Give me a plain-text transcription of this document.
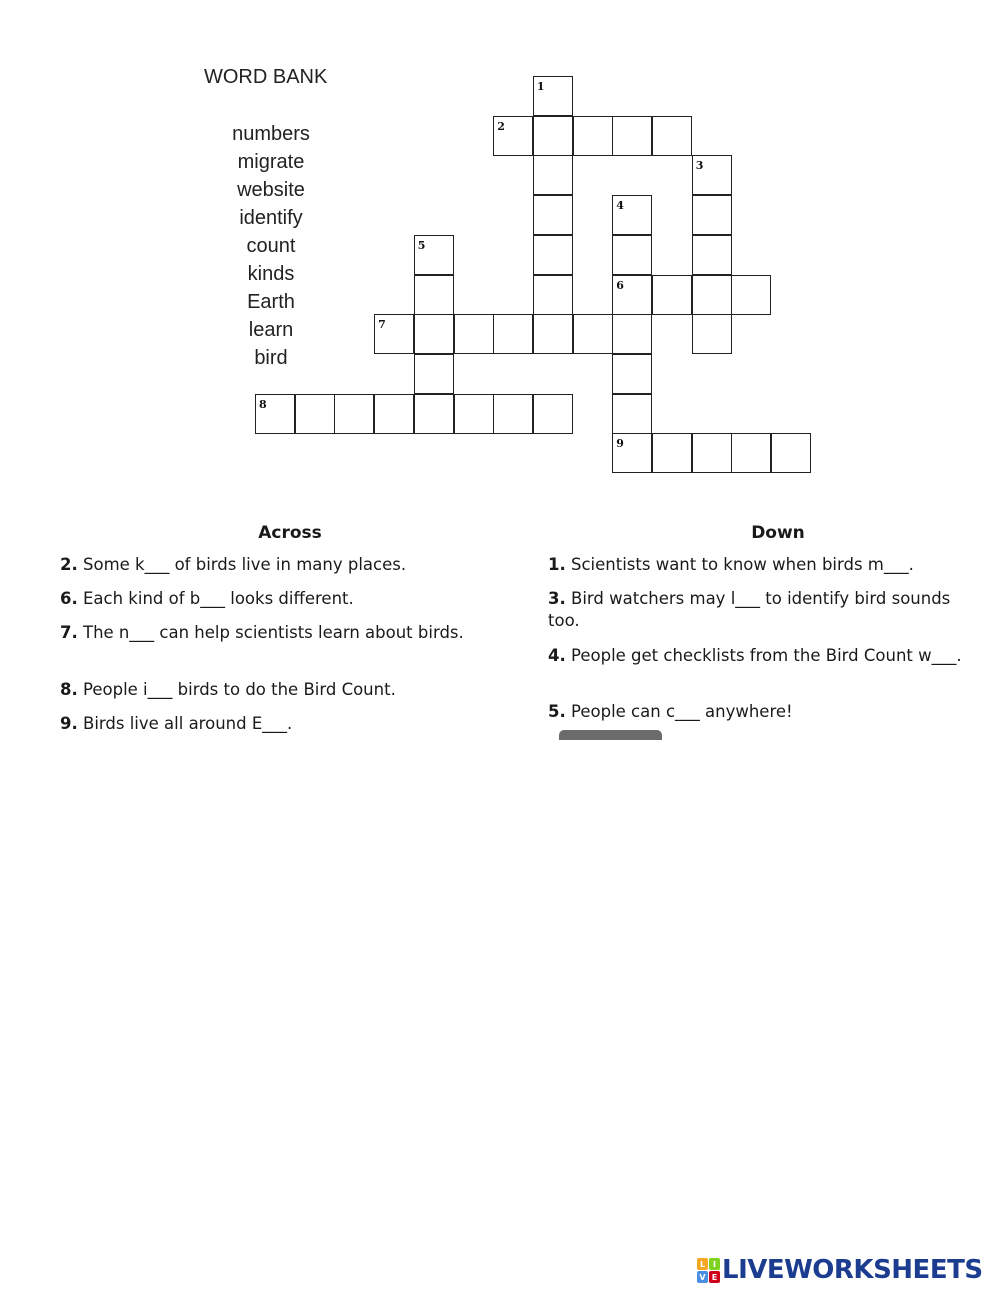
WORD BANK
numbers
migrate
website
identify
count
kinds
Earth
learn
bird
1
2
3
4
5
6
7
8
9
Across
2. Some k___ of birds live in many places.
6. Each kind of b___ looks different.
7. The n___ can help scientists learn about birds.
8. People i___ birds to do the Bird Count.
9. Birds live all around E___.
Down
1. Scientists want to know when birds m___.
3. Bird watchers may l___ to identify bird sounds too.
4. People get checklists from the Bird Count w___.
5. People can c___ anywhere!
L I
V E LIVEWORKSHEETS
